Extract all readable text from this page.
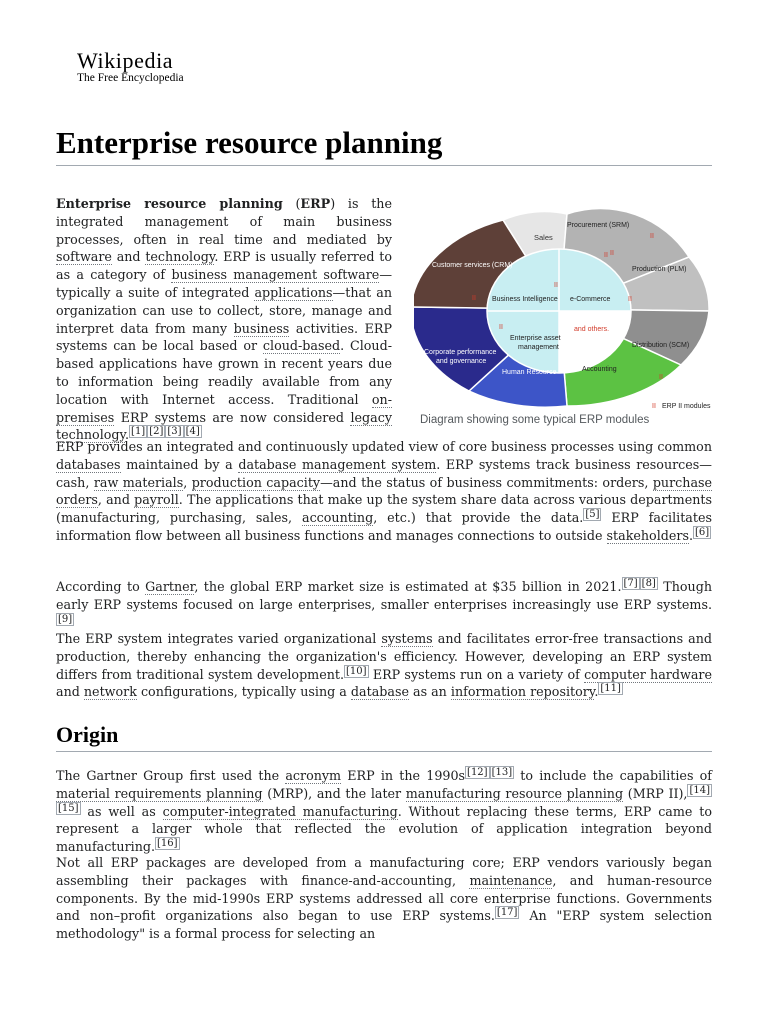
Wikipedia
The Free Encyclopedia
Enterprise resource planning

Enterprise resource planning (ERP) is the integrated management of main business processes, often in real time and mediated by software and technology. ERP is usually referred to as a category of business management software—typically a suite of integrated applications—that an organization can use to collect, store, manage and interpret data from many business activities. ERP systems can be local based or cloud-based. Cloud-based applications have grown in recent years due to information being readily available from any location with Internet access. Traditional on-premises ERP systems are now considered legacy technology. [1] [2] [3] [4]

Sales
Procurement (SRM)
Production (PLM)
Distribution (SCM)
Accounting
Human Resource
Corporate performance
and governance
Customer services (CRM)
Business Intelligence e-Commerce
Enterprise asset
management
and others.
II
II
II
II
II
II
II
II
II ERP II modules
Diagram showing some typical ERP modules

ERP provides an integrated and continuously updated view of core business processes using common databases maintained by a database management system. ERP systems track business resources—cash, raw materials, production capacity—and the status of business commitments: orders, purchase orders, and payroll. The applications that make up the system share data across various departments (manufacturing, purchasing, sales, accounting, etc.) that provide the data. [5] ERP facilitates information flow between all business functions and manages connections to outside stakeholders. [6]

According to Gartner, the global ERP market size is estimated at $35 billion in 2021. [7] [8] Though early ERP systems focused on large enterprises, smaller enterprises increasingly use ERP systems.[9]

The ERP system integrates varied organizational systems and facilitates error-free transactions and production, thereby enhancing the organization's efficiency. However, developing an ERP system differs from traditional system development. [10] ERP systems run on a variety of computer hardware and network configurations, typically using a database as an information repository. [11]

Origin

The Gartner Group first used the acronym ERP in the 1990s [12] [13] to include the capabilities of material requirements planning (MRP), and the later manufacturing resource planning (MRP II), [14][15] as well as computer-integrated manufacturing. Without replacing these terms, ERP came to represent a larger whole that reflected the evolution of application integration beyond manufacturing. [16]

Not all ERP packages are developed from a manufacturing core; ERP vendors variously began assembling their packages with finance-and-accounting, maintenance, and human-resource components. By the mid-1990s ERP systems addressed all core enterprise functions. Governments and non–profit organizations also began to use ERP systems. [17] An "ERP system selection methodology" is a formal process for selecting an
